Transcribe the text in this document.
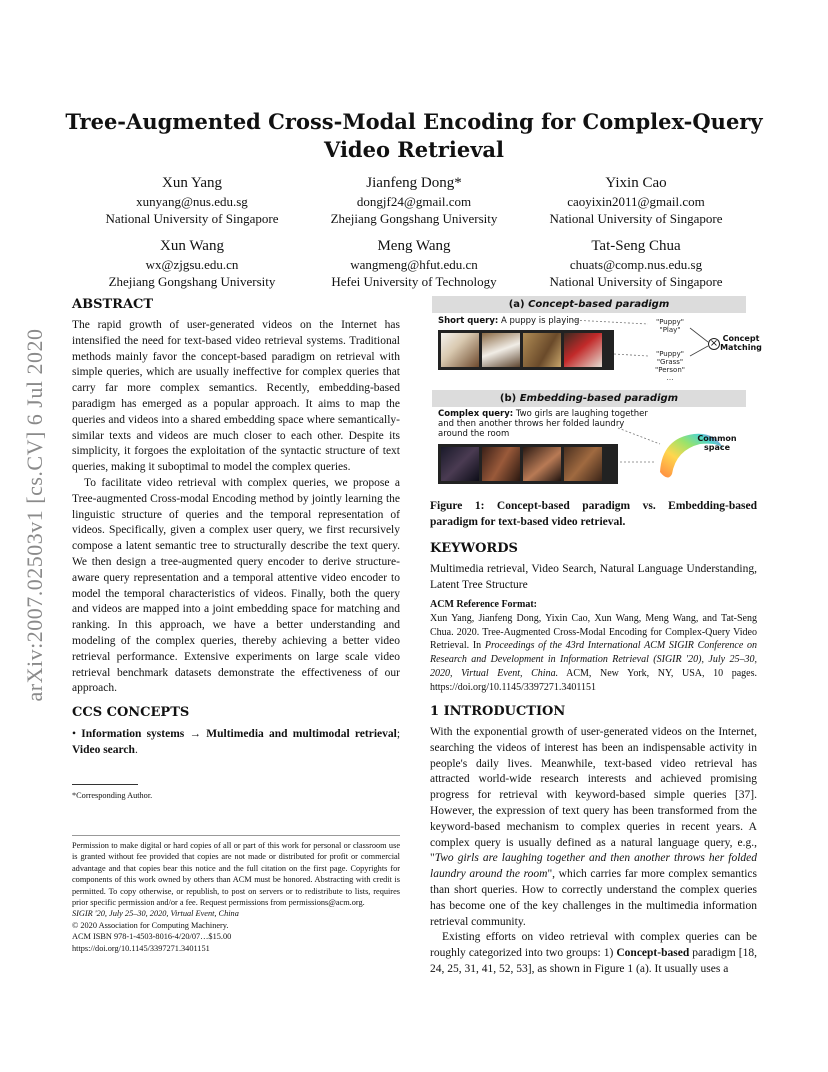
Tree-Augmented Cross-Modal Encoding for Complex-Query Video Retrieval
Xun Yang
xunyang@nus.edu.sg
National University of Singapore
Jianfeng Dong*
dongjf24@gmail.com
Zhejiang Gongshang University
Yixin Cao
caoyixin2011@gmail.com
National University of Singapore
Xun Wang
wx@zjgsu.edu.cn
Zhejiang Gongshang University
Meng Wang
wangmeng@hfut.edu.cn
Hefei University of Technology
Tat-Seng Chua
chuats@comp.nus.edu.sg
National University of Singapore
arXiv:2007.02503v1 [cs.CV] 6 Jul 2020
ABSTRACT

The rapid growth of user-generated videos on the Internet has intensified the need for text-based video retrieval systems. Traditional methods mainly favor the concept-based paradigm on retrieval with simple queries, which are usually ineffective for complex queries that carry far more complex semantics. Recently, embedding-based paradigm has emerged as a popular approach. It aims to map the queries and videos into a shared embedding space where semantically-similar texts and videos are much closer to each other. Despite its simplicity, it forgoes the exploitation of the syntactic structure of text queries, making it suboptimal to model the complex queries.

To facilitate video retrieval with complex queries, we propose a Tree-augmented Cross-modal Encoding method by jointly learning the linguistic structure of queries and the temporal representation of videos. Specifically, given a complex user query, we first recursively compose a latent semantic tree to structurally describe the text query. We then design a tree-augmented query encoder to derive structure-aware query representation and a temporal attentive video encoder to model the temporal characteristics of videos. Finally, both the query and videos are mapped into a joint embedding space for matching and ranking. In this approach, we have a better understanding and modeling of the complex queries, thereby achieving a better video retrieval performance. Extensive experiments on large scale video retrieval benchmark datasets demonstrate the effectiveness of our approach.

CCS CONCEPTS

• Information systems → Multimedia and multimodal retrieval; Video search.

*Corresponding Author.

Permission to make digital or hard copies of all or part of this work for personal or classroom use is granted without fee provided that copies are not made or distributed for profit or commercial advantage and that copies bear this notice and the full citation on the first page. Copyrights for components of this work owned by others than ACM must be honored. Abstracting with credit is permitted. To copy otherwise, or republish, to post on servers or to redistribute to lists, requires prior specific permission and/or a fee. Request permissions from permissions@acm.org.

SIGIR '20, July 25–30, 2020, Virtual Event, China

© 2020 Association for Computing Machinery.

ACM ISBN 978-1-4503-8016-4/20/07…$15.00

https://doi.org/10.1145/3397271.3401151

(a) Concept-based paradigm
Short query: A puppy is playing	"Puppy"
"Play"
"Puppy"
"Grass"
"Person"
…
× Concept Matching
(b) Embedding-based paradigm
Complex query: Two girls are laughing together and then another throws her folded laundry around the room	Common space
Figure 1: Concept-based paradigm vs. Embedding-based paradigm for text-based video retrieval.
KEYWORDS

Multimedia retrieval, Video Search, Natural Language Understanding, Latent Tree Structure

ACM Reference Format:

Xun Yang, Jianfeng Dong, Yixin Cao, Xun Wang, Meng Wang, and Tat-Seng Chua. 2020. Tree-Augmented Cross-Modal Encoding for Complex-Query Video Retrieval. In Proceedings of the 43rd International ACM SIGIR Conference on Research and Development in Information Retrieval (SIGIR '20), July 25–30, 2020, Virtual Event, China. ACM, New York, NY, USA, 10 pages. https://doi.org/10.1145/3397271.3401151

1 INTRODUCTION

With the exponential growth of user-generated videos on the Internet, searching the videos of interest has been an indispensable activity in people's daily lives. Meanwhile, text-based video retrieval has attracted world-wide research interests and achieved promising progress for retrieval with keyword-based simple queries [37]. However, the expression of text query has been transformed from the keyword-based mechanism to complex queries in recent years. A complex query is usually defined as a natural language query, e.g., "Two girls are laughing together and then another throws her folded laundry around the room", which carries far more complex semantics than short queries. How to correctly understand the complex queries has become one of the key challenges in the multimedia information retrieval community.

Existing efforts on video retrieval with complex queries can be roughly categorized into two groups: 1) Concept-based paradigm [18, 24, 25, 31, 41, 52, 53], as shown in Figure 1 (a). It usually uses a
